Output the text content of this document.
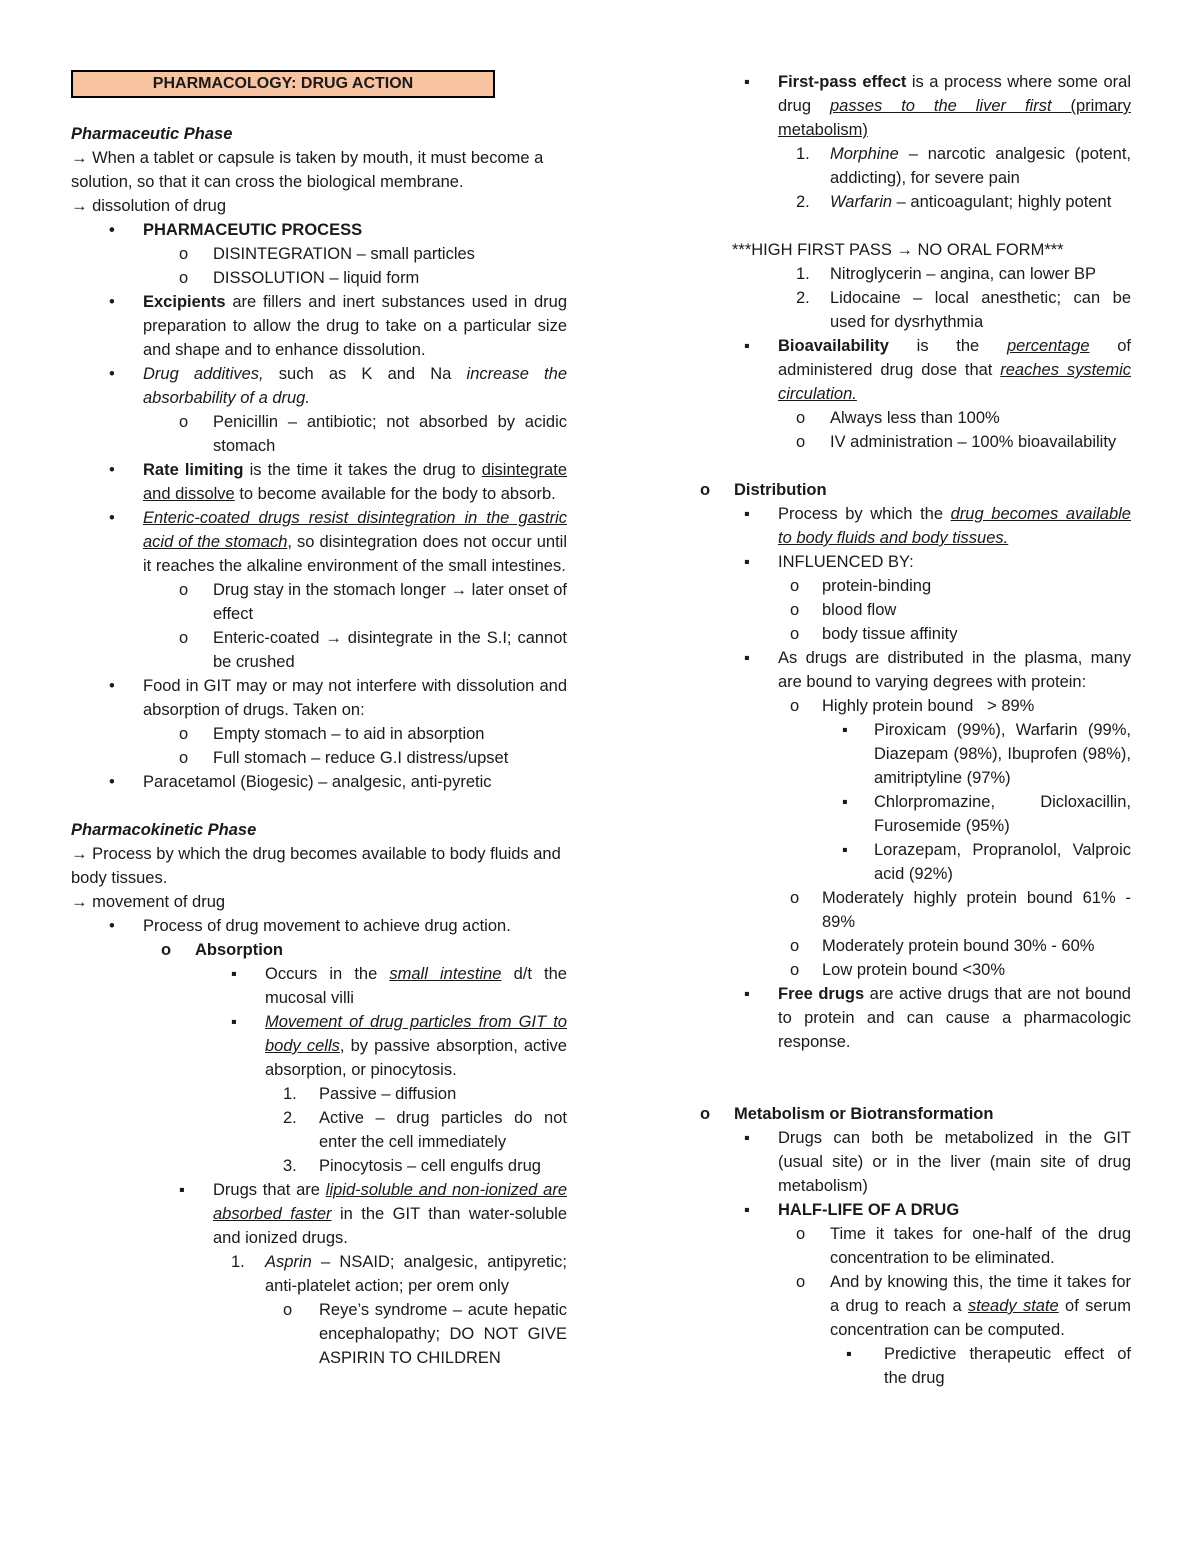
PHARMACOLOGY: DRUG ACTION
Pharmaceutic Phase
→ When a tablet or capsule is taken by mouth, it must become a solution, so that it can cross the biological membrane.
→ dissolution of drug
• PHARMACEUTIC PROCESS
o DISINTEGRATION – small particles
o DISSOLUTION – liquid form
• Excipients are fillers and inert substances used in drug preparation to allow the drug to take on a particular size and shape and to enhance dissolution.
• Drug additives, such as K and Na increase the absorbability of a drug.
o Penicillin – antibiotic; not absorbed by acidic stomach
• Rate limiting is the time it takes the drug to disintegrate and dissolve to become available for the body to absorb.
• Enteric-coated drugs resist disintegration in the gastric acid of the stomach, so disintegration does not occur until it reaches the alkaline environment of the small intestines.
o Drug stay in the stomach longer → later onset of effect
o Enteric-coated → disintegrate in the S.I; cannot be crushed
• Food in GIT may or may not interfere with dissolution and absorption of drugs. Taken on:
o Empty stomach – to aid in absorption
o Full stomach – reduce G.I distress/upset
• Paracetamol (Biogesic) – analgesic, anti-pyretic
Pharmacokinetic Phase
→ Process by which the drug becomes available to body fluids and body tissues.
→ movement of drug
• Process of drug movement to achieve drug action.
o Absorption
▪ Occurs in the small intestine d/t the mucosal villi
▪ Movement of drug particles from GIT to body cells, by passive absorption, active absorption, or pinocytosis.
1. Passive – diffusion
2. Active – drug particles do not enter the cell immediately
3. Pinocytosis – cell engulfs drug
▪ Drugs that are lipid-soluble and non-ionized are absorbed faster in the GIT than water-soluble and ionized drugs.
1. Asprin – NSAID; analgesic, antipyretic; anti-platelet action; per orem only
o Reye’s syndrome – acute hepatic encephalopathy; DO NOT GIVE ASPIRIN TO CHILDREN
▪ First-pass effect is a process where some oral drug passes to the liver first (primary metabolism)
1. Morphine – narcotic analgesic (potent, addicting), for severe pain
2. Warfarin – anticoagulant; highly potent
***HIGH FIRST PASS → NO ORAL FORM***
1. Nitroglycerin – angina, can lower BP
2. Lidocaine – local anesthetic; can be used for dysrhythmia
▪ Bioavailability is the percentage of administered drug dose that reaches systemic circulation.
o Always less than 100%
o IV administration – 100% bioavailability
o Distribution
▪ Process by which the drug becomes available to body fluids and body tissues.
▪ INFLUENCED BY:
o protein-binding
o blood flow
o body tissue affinity
▪ As drugs are distributed in the plasma, many are bound to varying degrees with protein:
o Highly protein bound   > 89%
▪ Piroxicam (99%), Warfarin (99%, Diazepam (98%), Ibuprofen (98%), amitriptyline (97%)
▪ Chlorpromazine, Dicloxacillin, Furosemide (95%)
▪ Lorazepam, Propranolol, Valproic acid (92%)
o Moderately highly protein bound 61% - 89%
o Moderately protein bound 30% - 60%
o Low protein bound <30%
▪ Free drugs are active drugs that are not bound to protein and can cause a pharmacologic response.
o Metabolism or Biotransformation
▪ Drugs can both be metabolized in the GIT (usual site) or in the liver (main site of drug metabolism)
▪ HALF-LIFE OF A DRUG
o Time it takes for one-half of the drug concentration to be eliminated.
o And by knowing this, the time it takes for a drug to reach a steady state of serum concentration can be computed.
▪ Predictive therapeutic effect of the drug
